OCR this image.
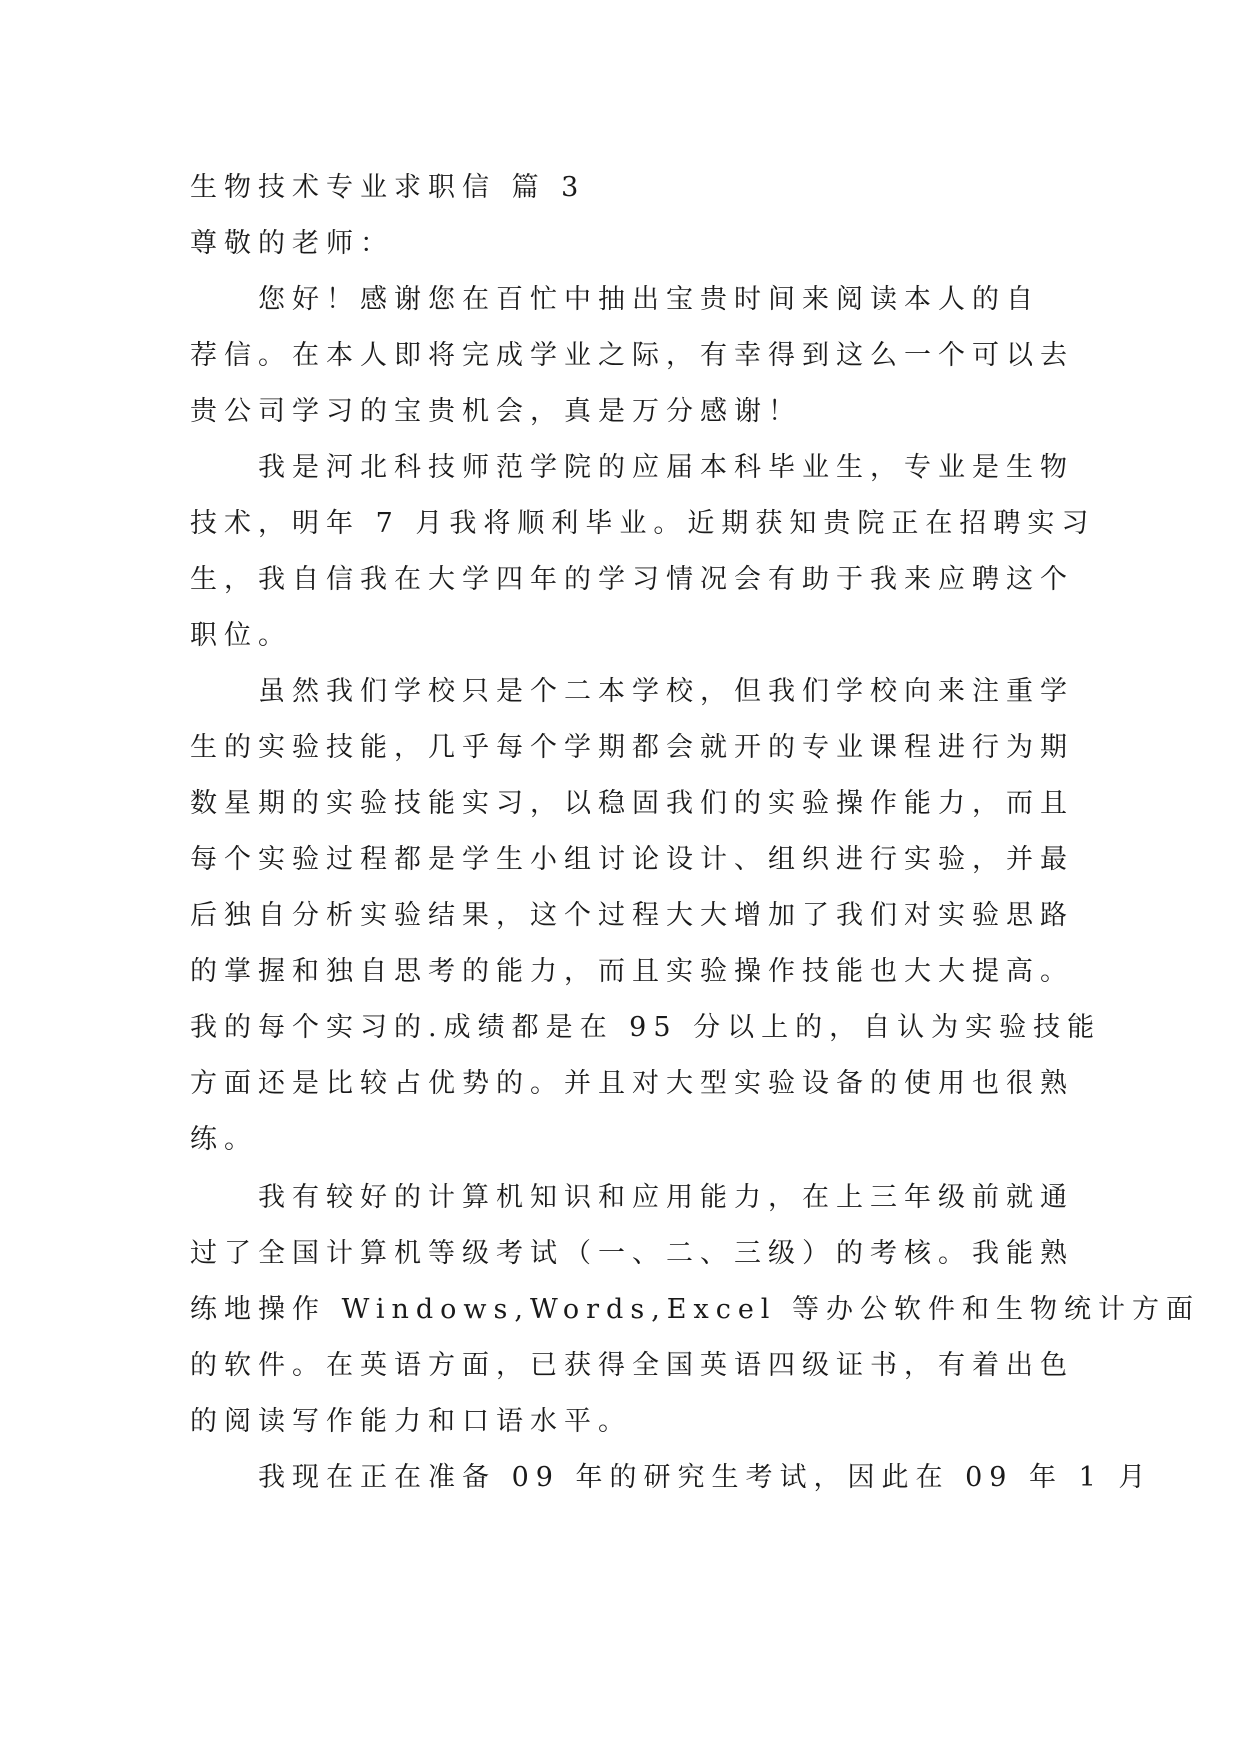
生物技术专业求职信 篇 3
尊敬的老师：
您好！感谢您在百忙中抽出宝贵时间来阅读本人的自
荐信。在本人即将完成学业之际，有幸得到这么一个可以去
贵公司学习的宝贵机会，真是万分感谢！
我是河北科技师范学院的应届本科毕业生，专业是生物
技术，明年 7 月我将顺利毕业。近期获知贵院正在招聘实习
生，我自信我在大学四年的学习情况会有助于我来应聘这个
职位。
虽然我们学校只是个二本学校，但我们学校向来注重学
生的实验技能，几乎每个学期都会就开的专业课程进行为期
数星期的实验技能实习，以稳固我们的实验操作能力，而且
每个实验过程都是学生小组讨论设计、组织进行实验，并最
后独自分析实验结果，这个过程大大增加了我们对实验思路
的掌握和独自思考的能力，而且实验操作技能也大大提高。
我的每个实习的.成绩都是在 95 分以上的，自认为实验技能
方面还是比较占优势的。并且对大型实验设备的使用也很熟
练。
我有较好的计算机知识和应用能力，在上三年级前就通
过了全国计算机等级考试（一、二、三级）的考核。我能熟
练地操作 Windows,Words,Excel 等办公软件和生物统计方面
的软件。在英语方面，已获得全国英语四级证书，有着出色
的阅读写作能力和口语水平。
我现在正在准备 09 年的研究生考试，因此在 09 年 1 月
